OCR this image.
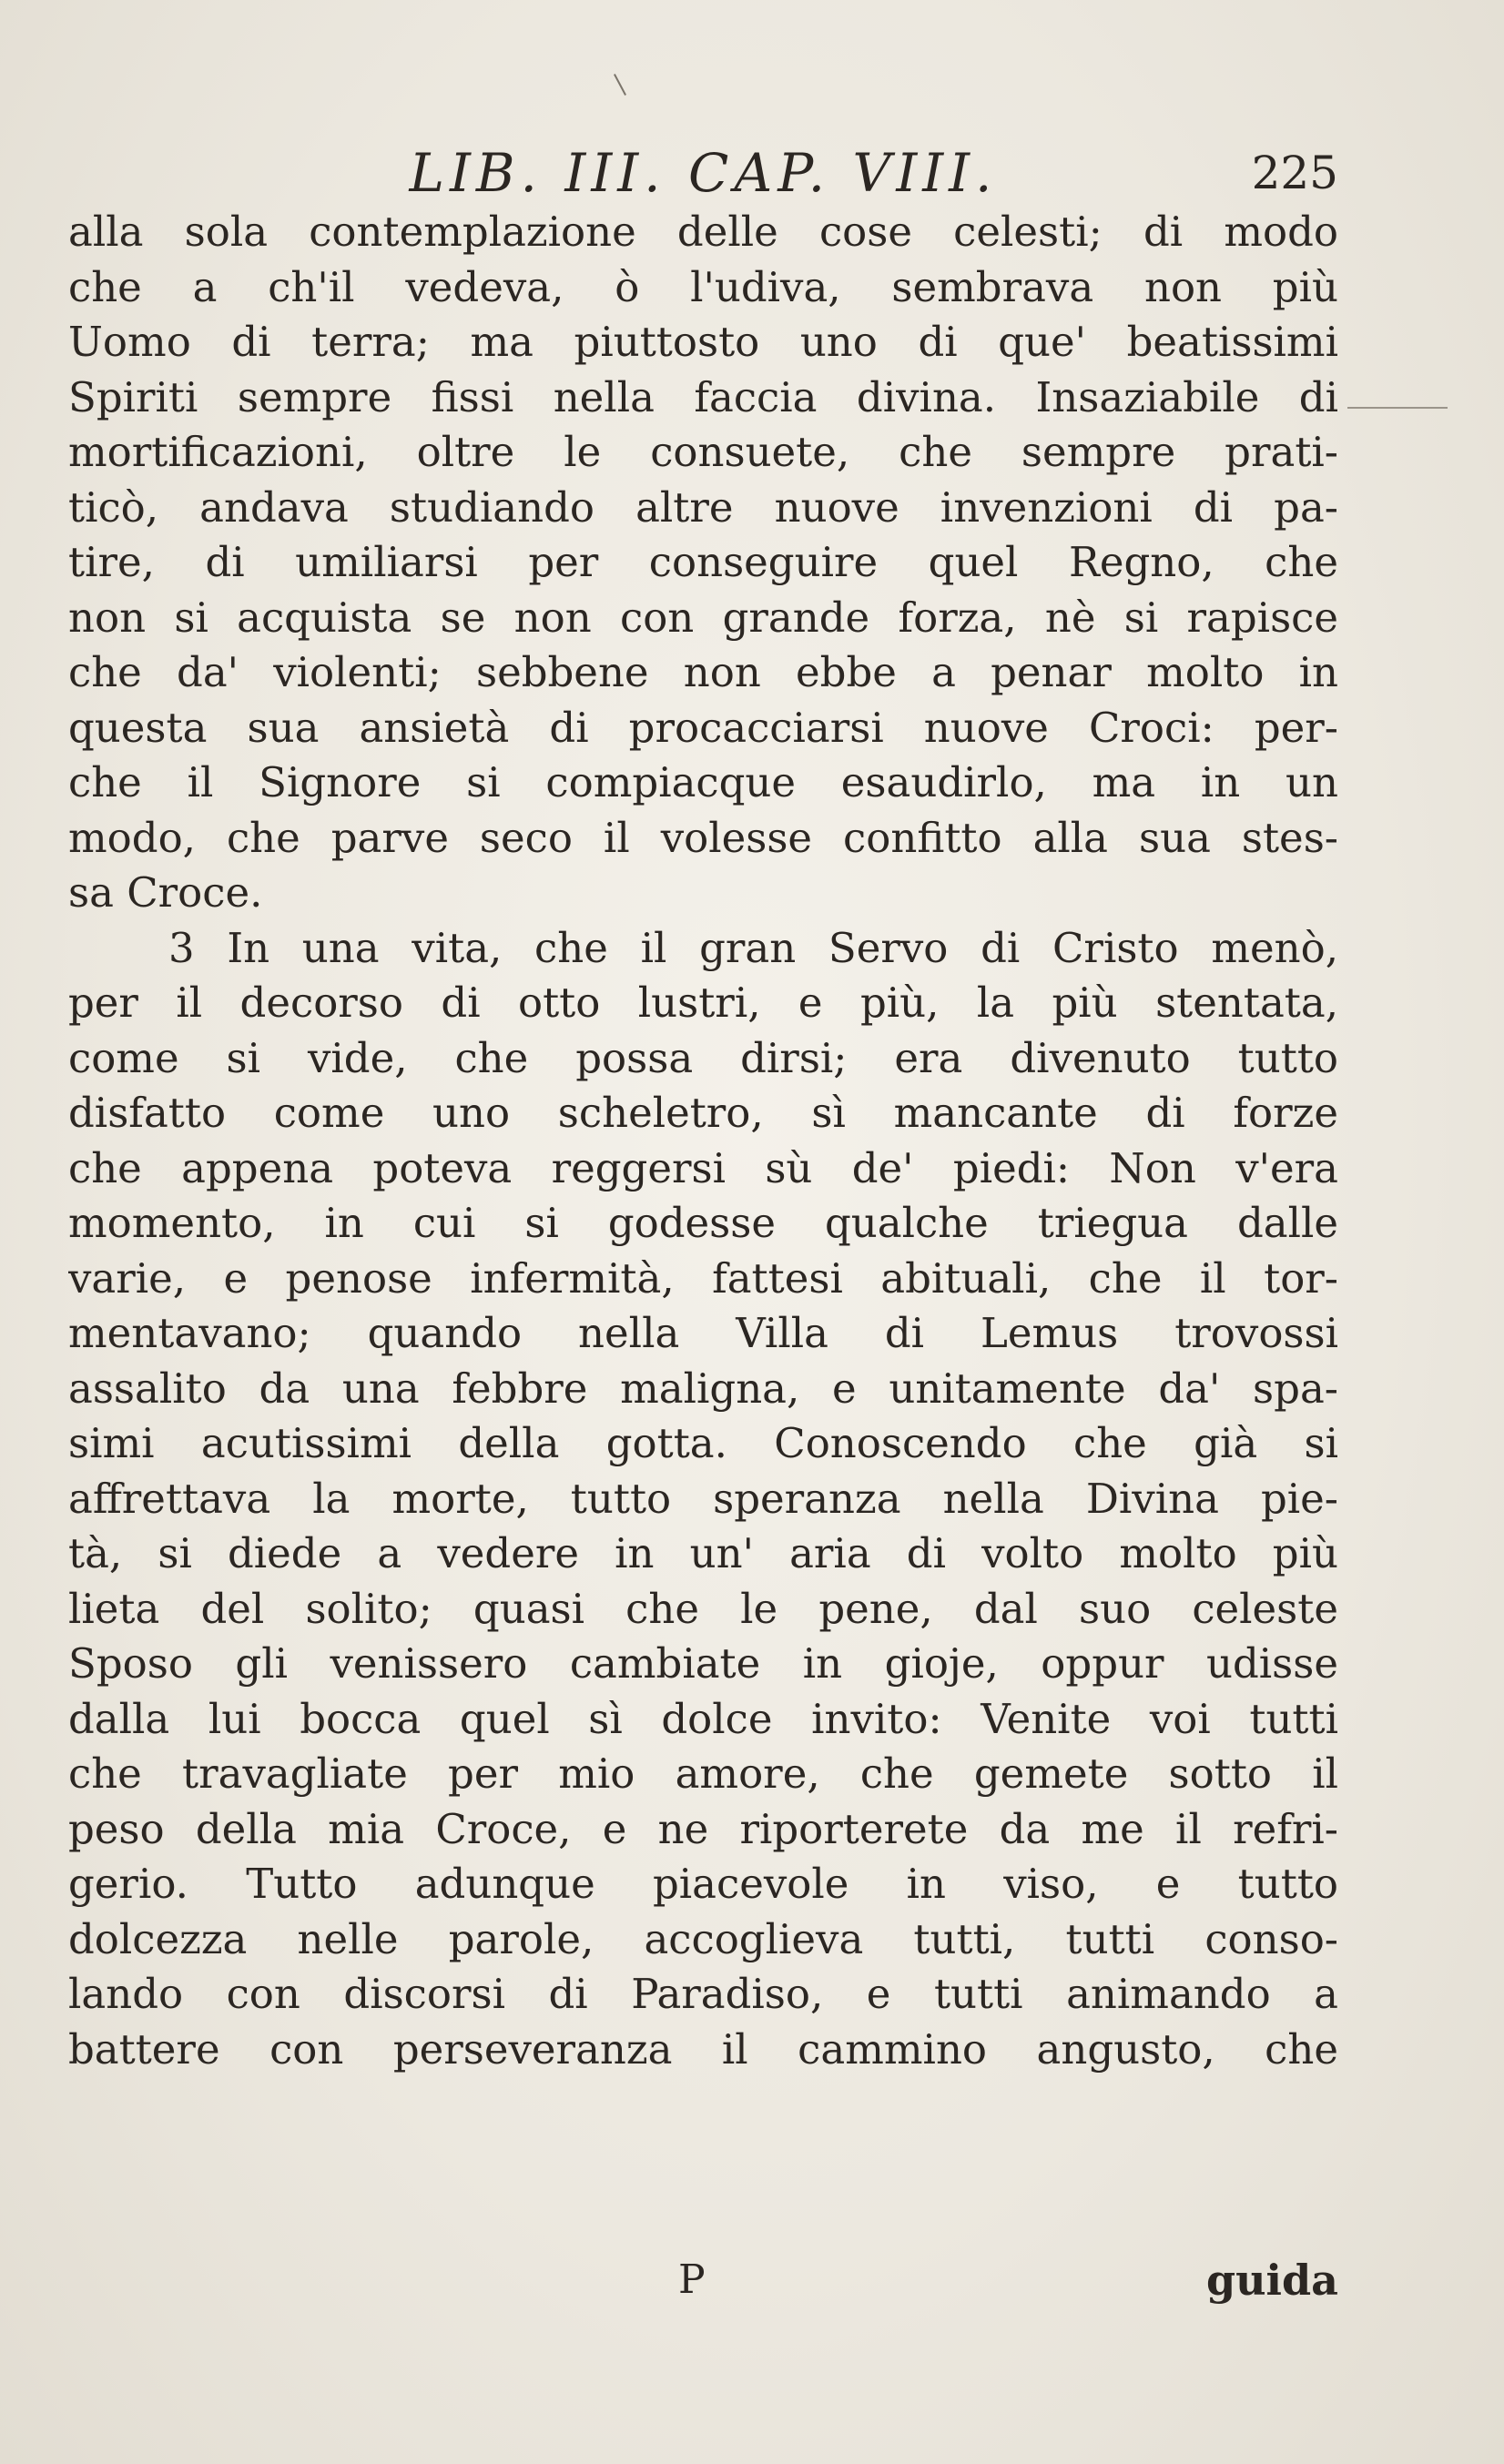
LIB. III. CAP. VIII.	225
alla sola contemplazione delle cose celesti; di modo
che a ch'il vedeva, ò l'udiva, sembrava non più
Uomo di terra; ma piuttosto uno di que' beatissimi
Spiriti sempre fissi nella faccia divina. Insaziabile di
mortificazioni, oltre le consuete, che sempre prati-
ticò, andava studiando altre nuove invenzioni di pa-
tire, di umiliarsi per conseguire quel Regno, che
non si acquista se non con grande forza, nè si rapisce
che da' violenti; sebbene non ebbe a penar molto in
questa sua ansietà di procacciarsi nuove Croci: per-
che il Signore si compiacque esaudirlo, ma in un
modo, che parve seco il volesse confitto alla sua stes-
sa Croce.
3 In una vita, che il gran Servo di Cristo menò,
per il decorso di otto lustri, e più, la più stentata,
come si vide, che possa dirsi; era divenuto tutto
disfatto come uno scheletro, sì mancante di forze
che appena poteva reggersi sù de' piedi: Non v'era
momento, in cui si godesse qualche triegua dalle
varie, e penose infermità, fattesi abituali, che il tor-
mentavano; quando nella Villa di Lemus trovossi
assalito da una febbre maligna, e unitamente da' spa-
simi acutissimi della gotta. Conoscendo che già si
affrettava la morte, tutto speranza nella Divina pie-
tà, si diede a vedere in un' aria di volto molto più
lieta del solito; quasi che le pene, dal suo celeste
Sposo gli venissero cambiate in gioje, oppur udisse
dalla lui bocca quel sì dolce invito: Venite voi tutti
che travagliate per mio amore, che gemete sotto il
peso della mia Croce, e ne riporterete da me il refri-
gerio. Tutto adunque piacevole in viso, e tutto
dolcezza nelle parole, accoglieva tutti, tutti conso-
lando con discorsi di Paradiso, e tutti animando a
battere con perseveranza il cammino angusto, che
P	guida
